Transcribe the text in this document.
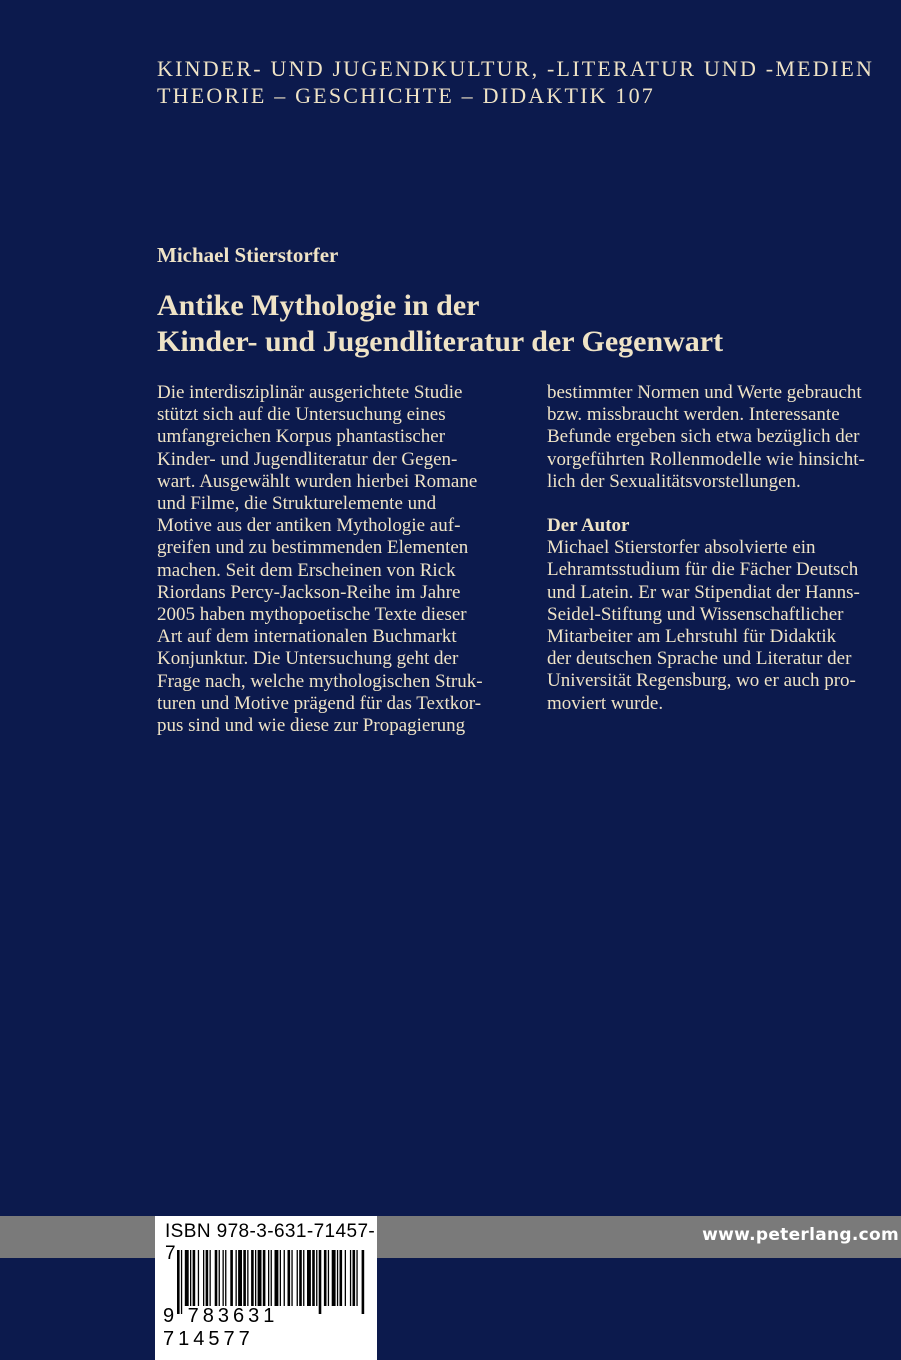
KINDER- UND JUGENDKULTUR, -LITERATUR UND -MEDIEN
THEORIE – GESCHICHTE – DIDAKTIK 107
Michael Stierstorfer
Antike Mythologie in der
Kinder- und Jugendliteratur der Gegenwart
Die interdisziplinär ausgerichtete Studie
stützt sich auf die Untersuchung eines
umfangreichen Korpus phantastischer
Kinder- und Jugendliteratur der Gegen-
wart. Ausgewählt wurden hierbei Romane
und Filme, die Strukturelemente und
Motive aus der antiken Mythologie auf-
greifen und zu bestimmenden Elementen
machen. Seit dem Erscheinen von Rick
Riordans Percy-Jackson-Reihe im Jahre
2005 haben mythopoetische Texte dieser
Art auf dem internationalen Buchmarkt
Konjunktur. Die Untersuchung geht der
Frage nach, welche mythologischen Struk-
turen und Motive prägend für das Textkor-
pus sind und wie diese zur Propagierung
bestimmter Normen und Werte gebraucht
bzw. missbraucht werden. Interessante
Befunde ergeben sich etwa bezüglich der
vorgeführten Rollenmodelle wie hinsicht-
lich der Sexualitätsvorstellungen.
Der Autor
Michael Stierstorfer absolvierte ein
Lehramtsstudium für die Fächer Deutsch
und Latein. Er war Stipendiat der Hanns-
Seidel-Stiftung und Wissenschaftlicher
Mitarbeiter am Lehrstuhl für Didaktik
der deutschen Sprache und Literatur der
Universität Regensburg, wo er auch pro-
moviert wurde.
www.peterlang.com
ISBN 978-3-631-71457-7
9 783631 714577
